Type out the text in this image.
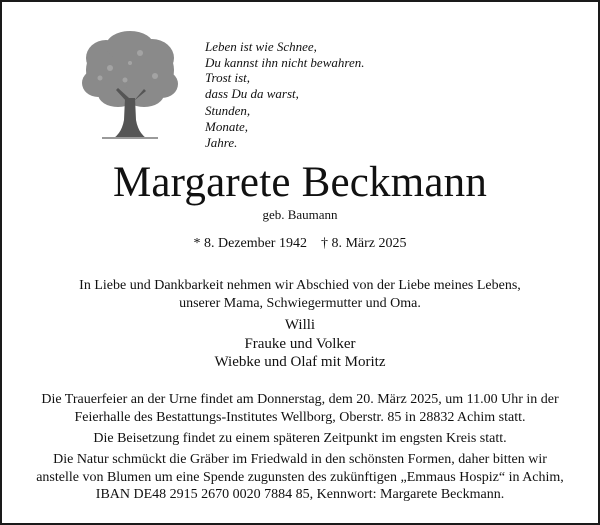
Leben ist wie Schnee,
Du kannst ihn nicht bewahren.
Trost ist,
dass Du da warst,
Stunden,
Monate,
Jahre.
Margarete Beckmann
geb. Baumann
* 8. Dezember 1942 † 8. März 2025
In Liebe und Dankbarkeit nehmen wir Abschied von der Liebe meines Lebens,
unserer Mama, Schwiegermutter und Oma.
Willi
Frauke und Volker
Wiebke und Olaf mit Moritz
Die Trauerfeier an der Urne findet am Donnerstag, dem 20. März 2025, um 11.00 Uhr in der
Feierhalle des Bestattungs-Institutes Wellborg, Oberstr. 85 in 28832 Achim statt.
Die Beisetzung findet zu einem späteren Zeitpunkt im engsten Kreis statt.
Die Natur schmückt die Gräber im Friedwald in den schönsten Formen, daher bitten wir
anstelle von Blumen um eine Spende zugunsten des zukünftigen „Emmaus Hospiz“ in Achim,
IBAN DE48 2915 2670 0020 7884 85, Kennwort: Margarete Beckmann.
